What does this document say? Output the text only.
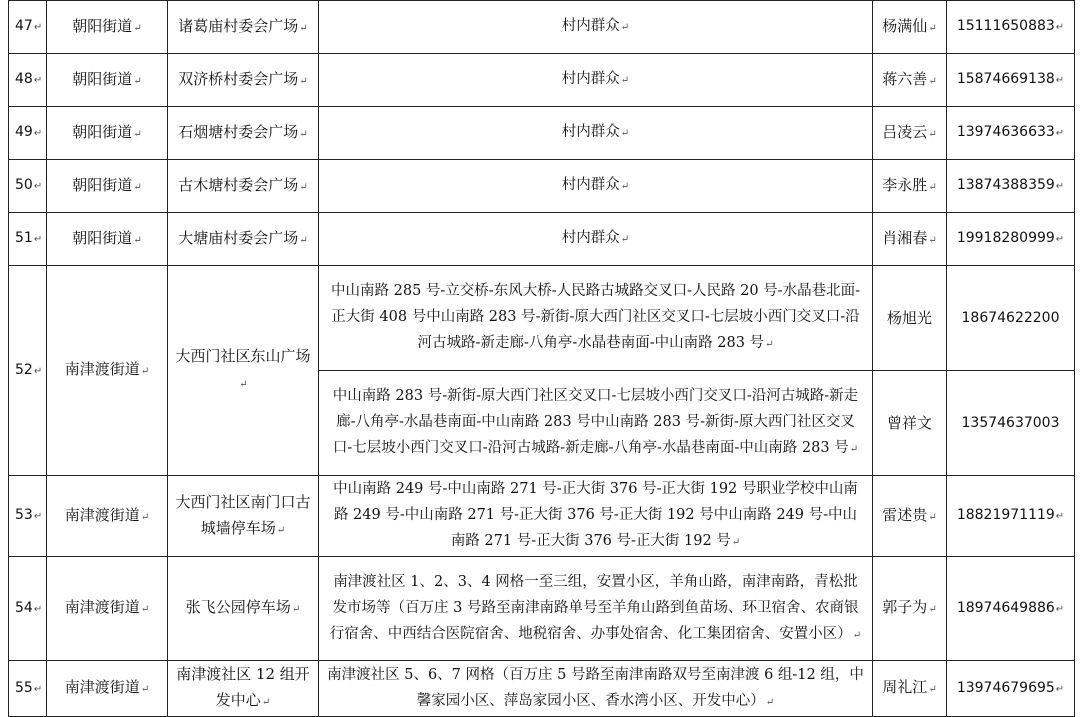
47 ↵	朝阳街道 ↵	诸葛庙村委会广场 ↵	村内群众 ↵	杨满仙 ↵	15111650883 ↵
48 ↵	朝阳街道 ↵	双济桥村委会广场 ↵	村内群众 ↵	蒋六善 ↵	15874669138 ↵
49 ↵	朝阳街道 ↵	石烟塘村委会广场 ↵	村内群众 ↵	吕凌云 ↵	13974636633 ↵
50 ↵	朝阳街道 ↵	古木塘村委会广场 ↵	村内群众 ↵	李永胜 ↵	13874388359 ↵
51 ↵	朝阳街道 ↵	大塘庙村委会广场 ↵	村内群众 ↵	肖湘春 ↵	19918280999 ↵
52 ↵	南津渡街道 ↵	大西门社区东山广场 ↵	中山南路 285 号-立交桥-东风大桥-人民路古城路交叉口-人民路 20 号-水晶巷北面-正大街 408 号中山南路 283 号-新街-原大西门社区交叉口-七层坡小西门交叉口-沿河古城路-新走廊-八角亭-水晶巷南面-中山南路 283 号 ↵	杨旭光	18674622200
			中山南路 283 号-新街-原大西门社区交叉口-七层坡小西门交叉口-沿河古城路-新走廊-八角亭-水晶巷南面-中山南路 283 号中山南路 283 号-新街-原大西门社区交叉口-七层坡小西门交叉口-沿河古城路-新走廊-八角亭-水晶巷南面-中山南路 283 号 ↵	曾祥文	13574637003
53 ↵	南津渡街道 ↵	大西门社区南门口古城墙停车场 ↵	中山南路 249 号-中山南路 271 号-正大街 376 号-正大街 192 号职业学校中山南路 249 号-中山南路 271 号-正大街 376 号-正大街 192 号中山南路 249 号-中山南路 271 号-正大街 376 号-正大街 192 号 ↵	雷述贵 ↵	18821971119 ↵
54 ↵	南津渡街道 ↵	张飞公园停车场 ↵	南津渡社区 1、2、3、4 网格一至三组，安置小区，羊角山路，南津南路，青松批发市场等（百万庄 3 号路至南津南路单号至羊角山路到鱼苗场、环卫宿舍、农商银行宿舍、中西结合医院宿舍、地税宿舍、办事处宿舍、化工集团宿舍、安置小区） ↵	郭子为 ↵	18974649886 ↵
55 ↵	南津渡街道 ↵	南津渡社区 12 组开发中心 ↵	南津渡社区 5、6、7 网格（百万庄 5 号路至南津南路双号至南津渡 6 组-12 组，中馨家园小区、萍岛家园小区、香水湾小区、开发中心） ↵	周礼江 ↵	13974679695 ↵
